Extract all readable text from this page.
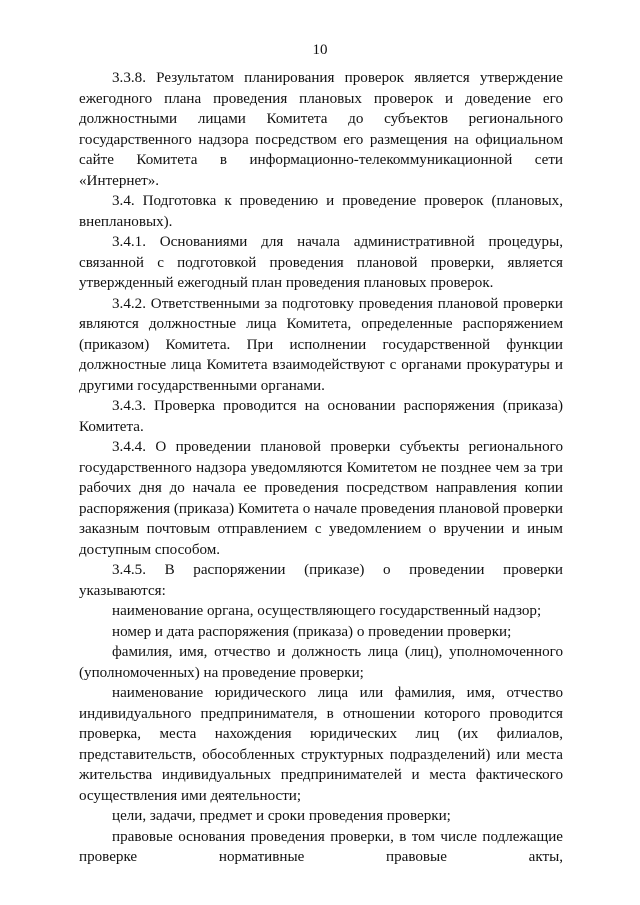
10

3.3.8. Результатом планирования проверок является утверждение ежегодного плана проведения плановых проверок и доведение его должностными лицами Комитета до субъектов регионального государственного надзора посредством его размещения на официальном сайте Комитета в информационно-телекоммуникационной сети «Интернет».

3.4. Подготовка к проведению и проведение проверок (плановых, внеплановых).

3.4.1. Основаниями для начала административной процедуры, связанной с подготовкой проведения плановой проверки, является утвержденный ежегодный план проведения плановых проверок.

3.4.2. Ответственными за подготовку проведения плановой проверки являются должностные лица Комитета, определенные распоряжением (приказом) Комитета. При исполнении государственной функции должностные лица Комитета взаимодействуют с органами прокуратуры и другими государственными органами.

3.4.3. Проверка проводится на основании распоряжения (приказа) Комитета.

3.4.4. О проведении плановой проверки субъекты регионального государственного надзора уведомляются Комитетом не позднее чем за три рабочих дня до начала ее проведения посредством направления копии распоряжения (приказа) Комитета о начале проведения плановой проверки заказным почтовым отправлением с уведомлением о вручении и иным доступным способом.

3.4.5. В распоряжении (приказе) о проведении проверки указываются:

наименование органа, осуществляющего государственный надзор;

номер и дата распоряжения (приказа) о проведении проверки;

фамилия, имя, отчество и должность лица (лиц), уполномоченного (уполномоченных) на проведение проверки;

наименование юридического лица или фамилия, имя, отчество индивидуального предпринимателя, в отношении которого проводится проверка, места нахождения юридических лиц (их филиалов, представительств, обособленных структурных подразделений) или места жительства индивидуальных предпринимателей и места фактического осуществления ими деятельности;

цели, задачи, предмет и сроки проведения проверки;

правовые основания проведения проверки, в том числе подлежащие проверке нормативные правовые акты,
